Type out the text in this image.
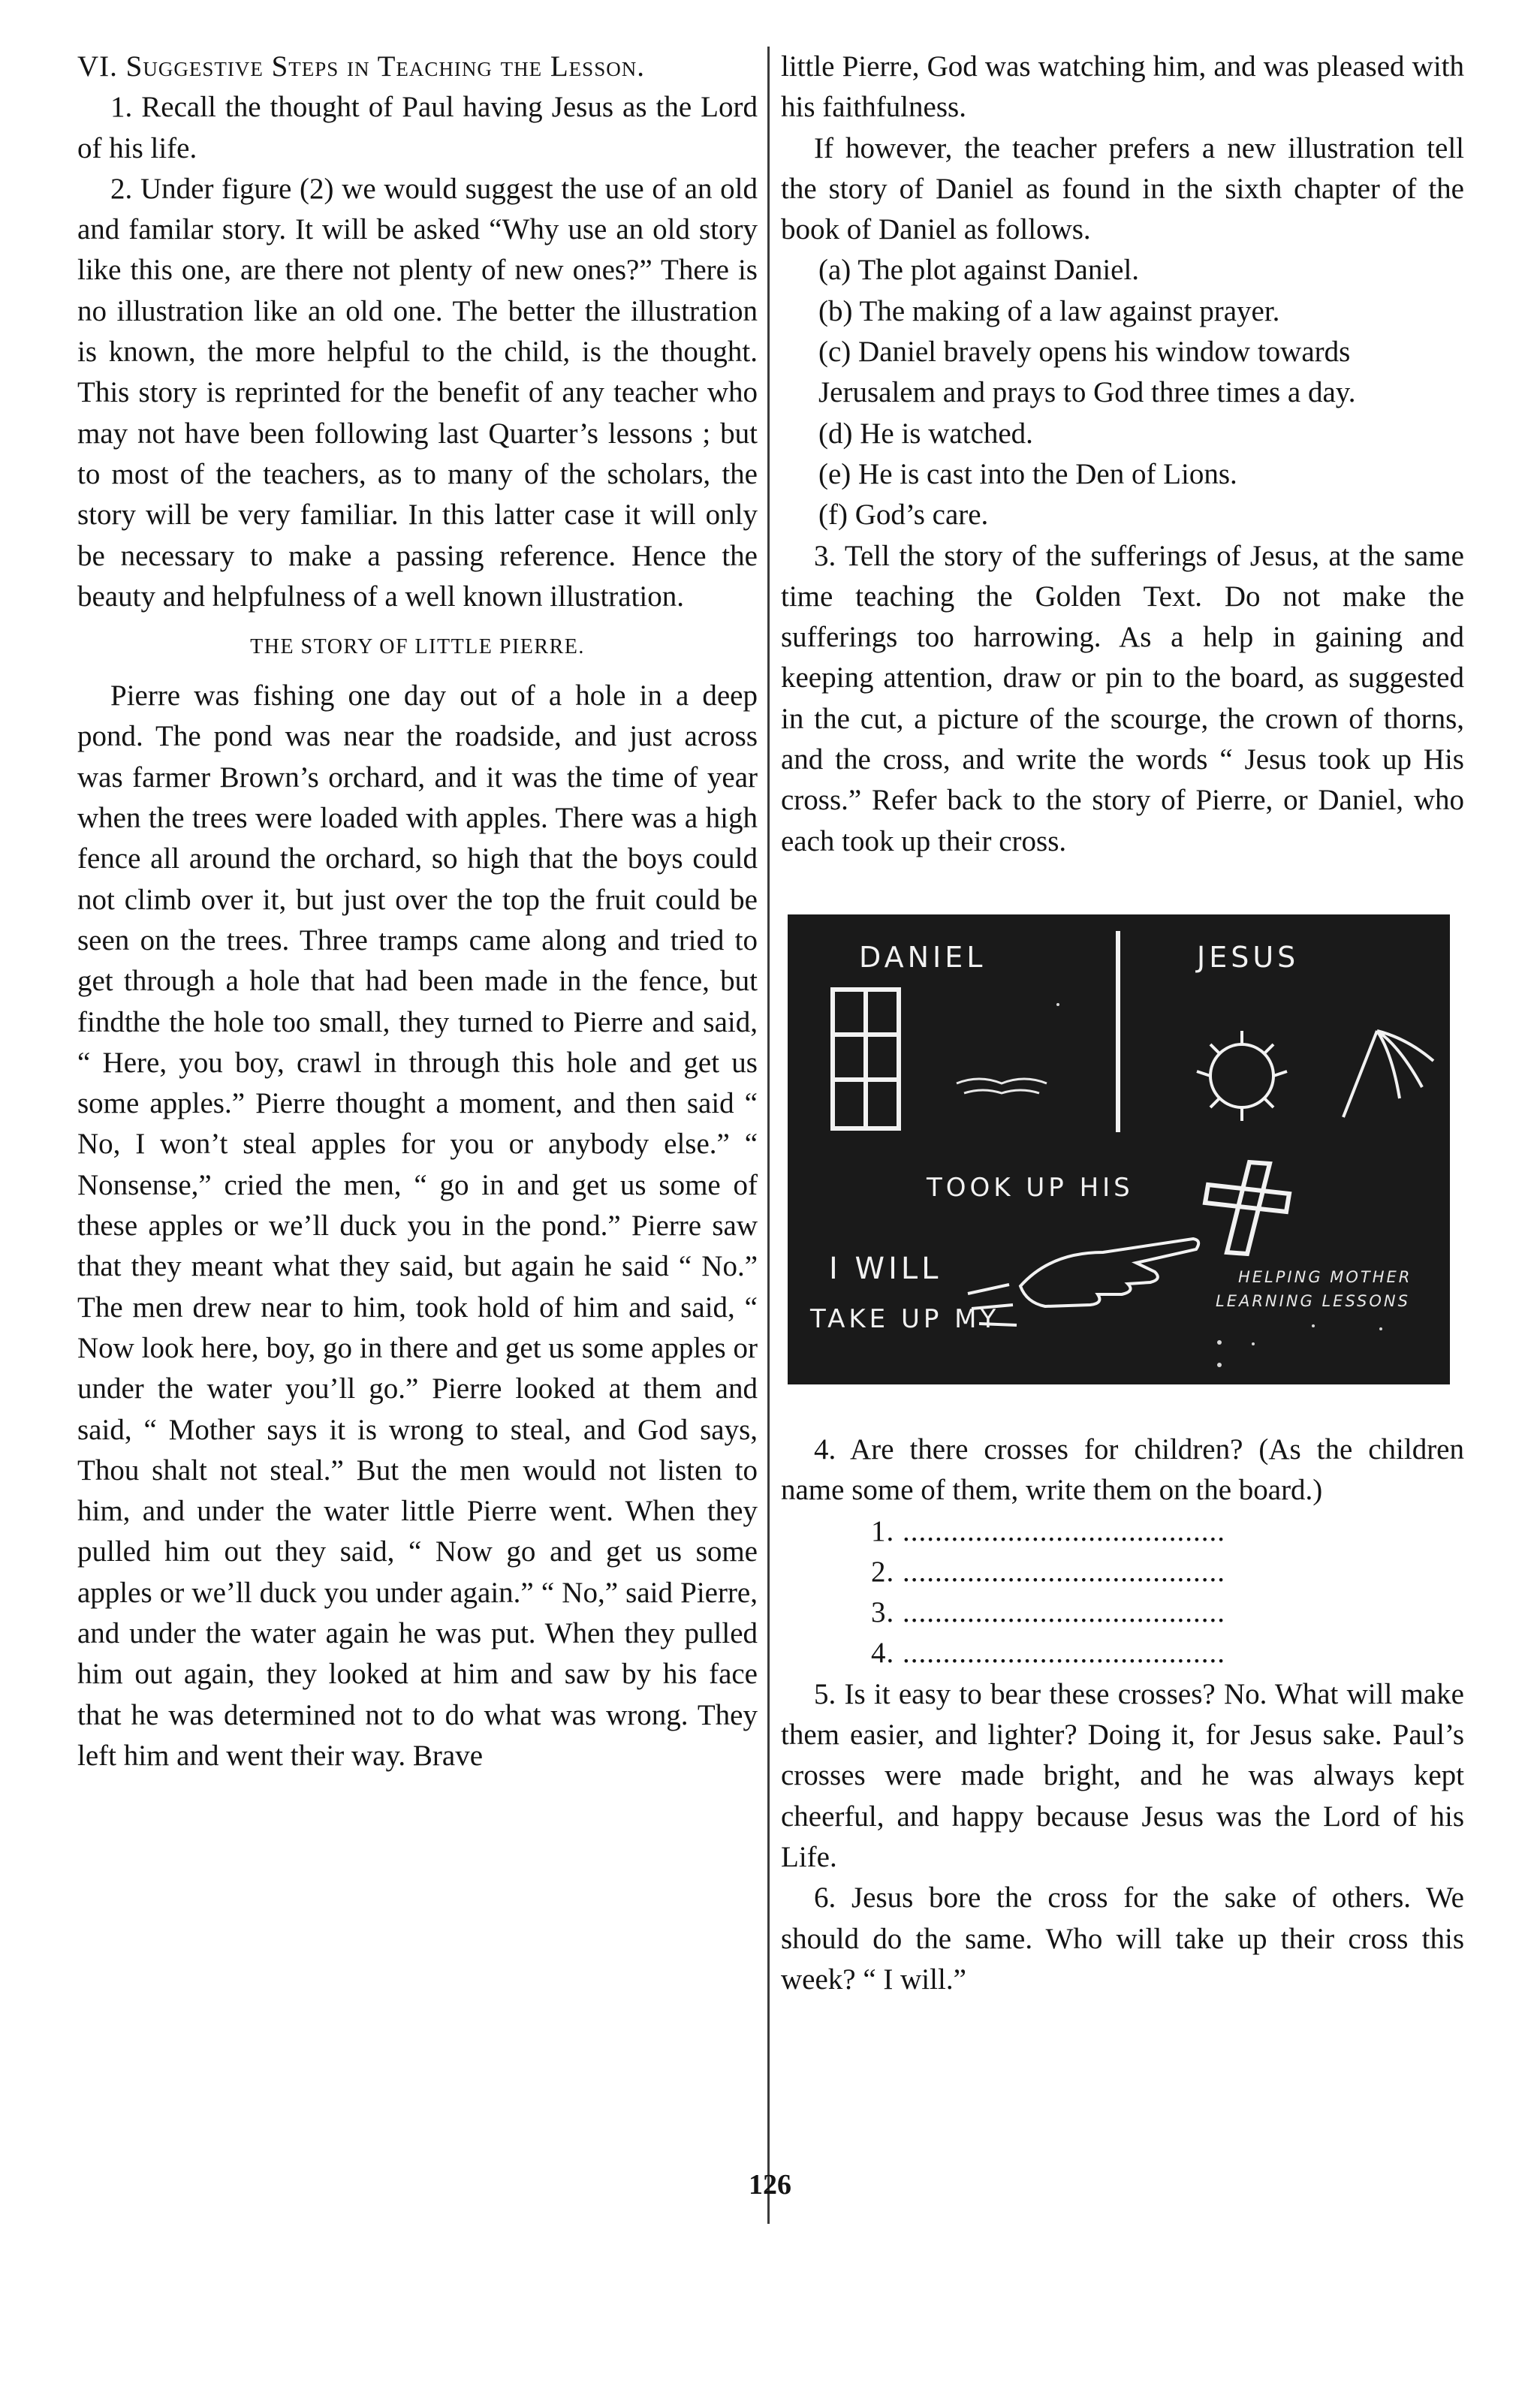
VI. Suggestive Steps in Teaching the Lesson.

1. Recall the thought of Paul having Jesus as the Lord of his life.

2. Under figure (2) we would suggest the use of an old and familar story. It will be asked “Why use an old story like this one, are there not plenty of new ones?” There is no illustration like an old one. The better the illustration is known, the more helpful to the child, is the thought. This story is reprinted for the benefit of any teacher who may not have been following last Quarter’s lessons ; but to most of the teachers, as to many of the scholars, the story will be very familiar. In this latter case it will only be necessary to make a passing reference. Hence the beauty and helpfulness of a well known illustration.

THE STORY OF LITTLE PIERRE.

Pierre was fishing one day out of a hole in a deep pond. The pond was near the roadside, and just across was farmer Brown’s orchard, and it was the time of year when the trees were loaded with apples. There was a high fence all around the orchard, so high that the boys could not climb over it, but just over the top the fruit could be seen on the trees. Three tramps came along and tried to get through a hole that had been made in the fence, but findthe the hole too small, they turned to Pierre and said, “ Here, you boy, crawl in through this hole and get us some apples.” Pierre thought a moment, and then said “ No, I won’t steal apples for you or anybody else.” “ Nonsense,” cried the men, “ go in and get us some of these apples or we’ll duck you in the pond.” Pierre saw that they meant what they said, but again he said “ No.” The men drew near to him, took hold of him and said, “ Now look here, boy, go in there and get us some apples or under the water you’ll go.” Pierre looked at them and said, “ Mother says it is wrong to steal, and God says, Thou shalt not steal.” But the men would not listen to him, and under the water little Pierre went. When they pulled him out they said, “ Now go and get us some apples or we’ll duck you under again.” “ No,” said Pierre, and under the water again he was put. When they pulled him out again, they looked at him and saw by his face that he was determined not to do what was wrong. They left him and went their way. Brave

little Pierre, God was watching him, and was pleased with his faithfulness.

If however, the teacher prefers a new illustration tell the story of Daniel as found in the sixth chapter of the book of Daniel as follows.

(a) The plot against Daniel.

(b) The making of a law against prayer.

(c) Daniel bravely opens his window towards Jerusalem and prays to God three times a day.

(d) He is watched.

(e) He is cast into the Den of Lions.

(f) God’s care.

3. Tell the story of the sufferings of Jesus, at the same time teaching the Golden Text. Do not make the sufferings too harrowing. As a help in gaining and keeping attention, draw or pin to the board, as suggested in the cut, a picture of the scourge, the crown of thorns, and the cross, and write the words “ Jesus took up His cross.” Refer back to the story of Pierre, or Daniel, who each took up their cross.

DANIEL	JESUS
TOOK UP HIS
I WILL
TAKE UP MY
HELPING MOTHER
LEARNING LESSONS

4. Are there crosses for children? (As the children name some of them, write them on the board.)

1. ........................................

2. ........................................

3. ........................................

4. ........................................

5. Is it easy to bear these crosses? No. What will make them easier, and lighter? Doing it, for Jesus sake. Paul’s crosses were made bright, and he was always kept cheerful, and happy because Jesus was the Lord of his Life.

6. Jesus bore the cross for the sake of others. We should do the same. Who will take up their cross this week? “ I will.”

126
